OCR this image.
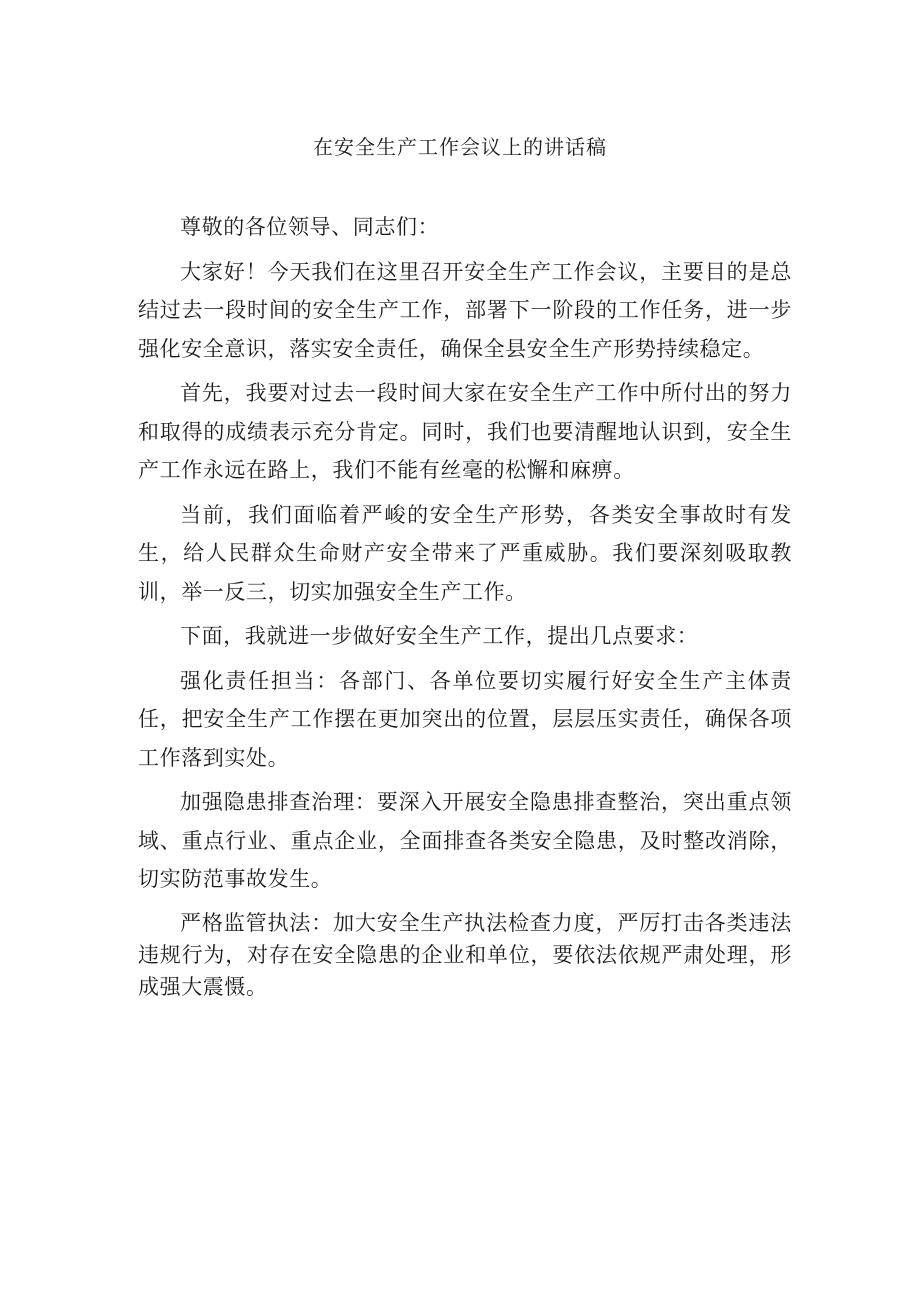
在安全生产工作会议上的讲话稿

尊敬的各位领导、同志们：

大家好！今天我们在这里召开安全生产工作会议，主要目的是总结过去一段时间的安全生产工作，部署下一阶段的工作任务，进一步强化安全意识，落实安全责任，确保全县安全生产形势持续稳定。

首先，我要对过去一段时间大家在安全生产工作中所付出的努力和取得的成绩表示充分肯定。同时，我们也要清醒地认识到，安全生产工作永远在路上，我们不能有丝毫的松懈和麻痹。

当前，我们面临着严峻的安全生产形势，各类安全事故时有发生，给人民群众生命财产安全带来了严重威胁。我们要深刻吸取教训，举一反三，切实加强安全生产工作。

下面，我就进一步做好安全生产工作，提出几点要求：

强化责任担当：各部门、各单位要切实履行好安全生产主体责任，把安全生产工作摆在更加突出的位置，层层压实责任，确保各项工作落到实处。

加强隐患排查治理：要深入开展安全隐患排查整治，突出重点领域、重点行业、重点企业，全面排查各类安全隐患，及时整改消除，切实防范事故发生。

严格监管执法：加大安全生产执法检查力度，严厉打击各类违法违规行为，对存在安全隐患的企业和单位，要依法依规严肃处理，形成强大震慑。
